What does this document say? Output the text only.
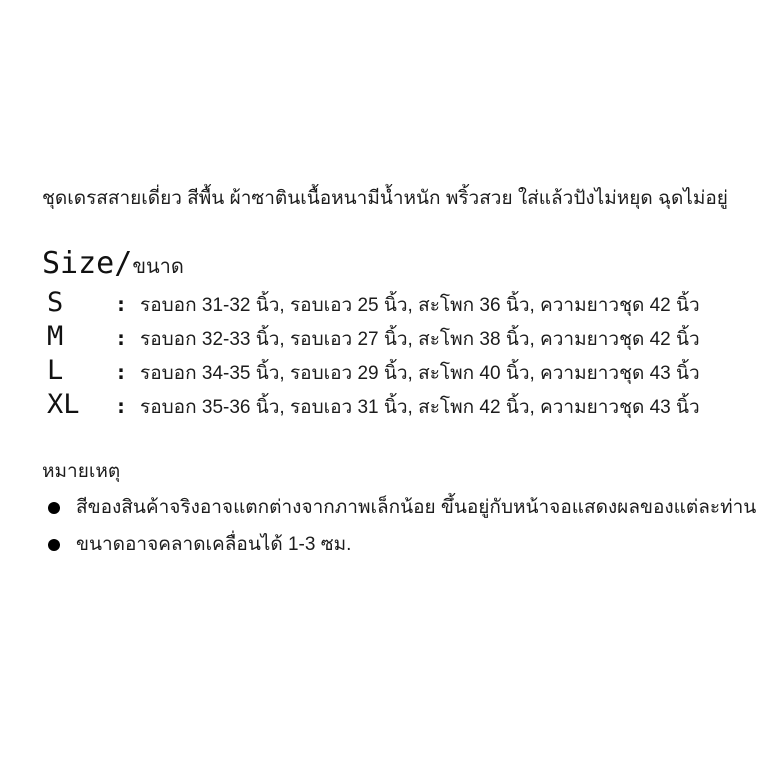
ชุดเดรสสายเดี่ยว สีพื้น ผ้าซาตินเนื้อหนามีน้ำหนัก พริ้วสวย ใส่แล้วปังไม่หยุด ฉุดไม่อยู่

Size/ ขนาด
S	: รอบอก 31-32 นิ้ว, รอบเอว 25 นิ้ว, สะโพก 36 นิ้ว, ความยาวชุด 42 นิ้ว
M	: รอบอก 32-33 นิ้ว, รอบเอว 27 นิ้ว, สะโพก 38 นิ้ว, ความยาวชุด 42 นิ้ว
L	: รอบอก 34-35 นิ้ว, รอบเอว 29 นิ้ว, สะโพก 40 นิ้ว, ความยาวชุด 43 นิ้ว
XL	: รอบอก 35-36 นิ้ว, รอบเอว 31 นิ้ว, สะโพก 42 นิ้ว, ความยาวชุด 43 นิ้ว
หมายเหตุ
สีของสินค้าจริงอาจแตกต่างจากภาพเล็กน้อย ขึ้นอยู่กับหน้าจอแสดงผลของแต่ละท่าน
ขนาดอาจคลาดเคลื่อนได้ 1-3 ซม.
